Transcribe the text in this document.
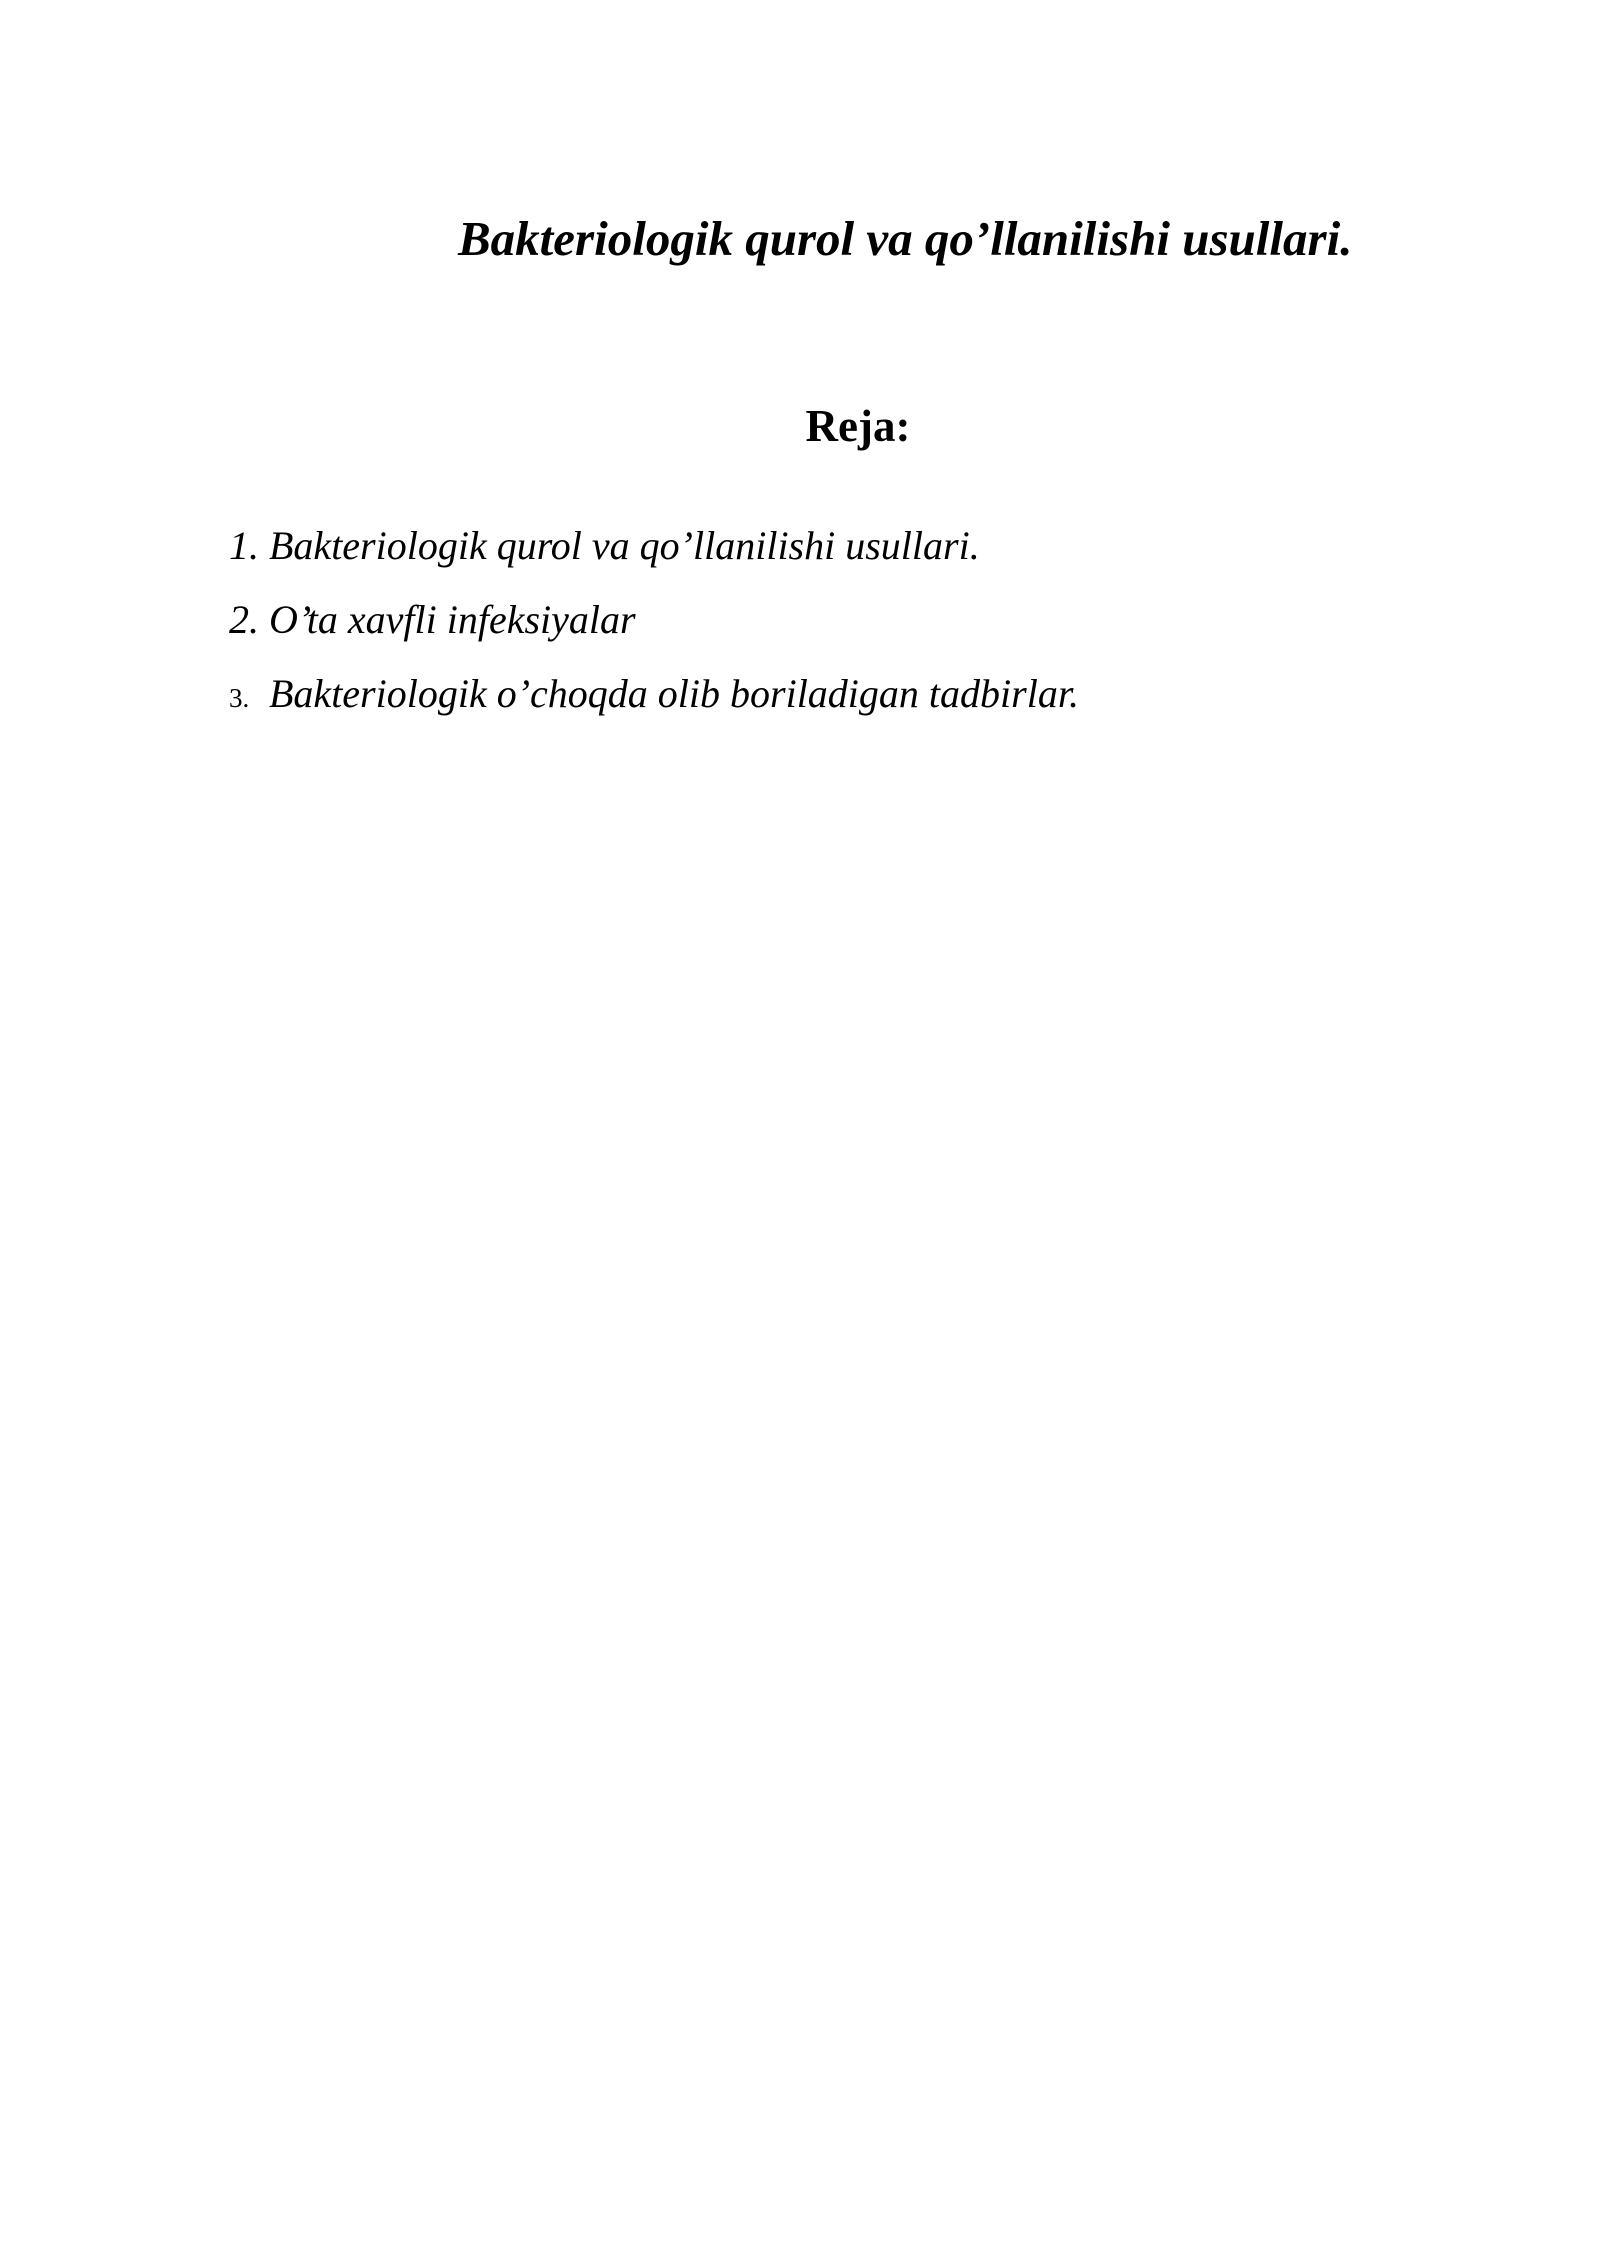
Bakteriologik qurol va qo’llanilishi usullari.
Reja:
1. Bakteriologik qurol va qo’llanilishi usullari.
2. O’ta xavfli infeksiyalar
3. Bakteriologik o’choqda olib boriladigan tadbirlar.
